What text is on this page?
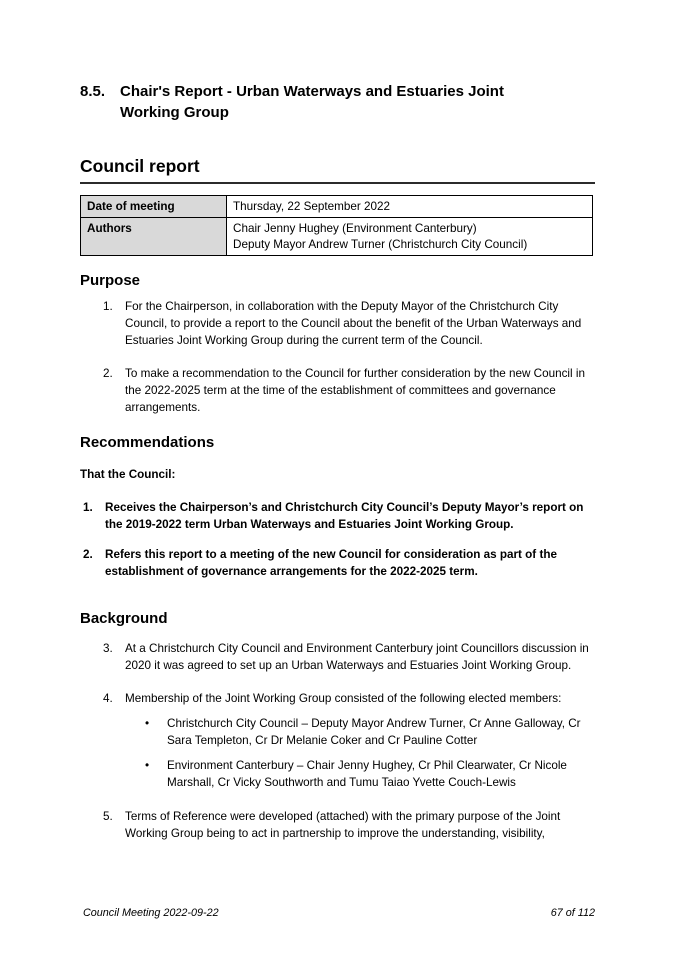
8.5. Chair's Report - Urban Waterways and Estuaries Joint Working Group
Council report
Date of meeting	Thursday, 22 September 2022

Authors	Chair Jenny Hughey (Environment Canterbury)
Deputy Mayor Andrew Turner (Christchurch City Council)
Purpose
1.	For the Chairperson, in collaboration with the Deputy Mayor of the Christchurch City Council, to provide a report to the Council about the benefit of the Urban Waterways and Estuaries Joint Working Group during the current term of the Council.
2.	To make a recommendation to the Council for further consideration by the new Council in the 2022-2025 term at the time of the establishment of committees and governance arrangements.
Recommendations
That the Council:
1.	Receives the Chairperson’s and Christchurch City Council’s Deputy Mayor’s report on the 2019-2022 term Urban Waterways and Estuaries Joint Working Group.
2.	Refers this report to a meeting of the new Council for consideration as part of the establishment of governance arrangements for the 2022-2025 term.
Background
3.	At a Christchurch City Council and Environment Canterbury joint Councillors discussion in 2020 it was agreed to set up an Urban Waterways and Estuaries Joint Working Group.
4.	Membership of the Joint Working Group consisted of the following elected members:
•	Christchurch City Council – Deputy Mayor Andrew Turner, Cr Anne Galloway, Cr Sara Templeton, Cr Dr Melanie Coker and Cr Pauline Cotter
•	Environment Canterbury – Chair Jenny Hughey, Cr Phil Clearwater, Cr Nicole Marshall, Cr Vicky Southworth and Tumu Taiao Yvette Couch-Lewis
5.	Terms of Reference were developed (attached) with the primary purpose of the Joint Working Group being to act in partnership to improve the understanding, visibility,
Council Meeting 2022-09-22	67 of 112
